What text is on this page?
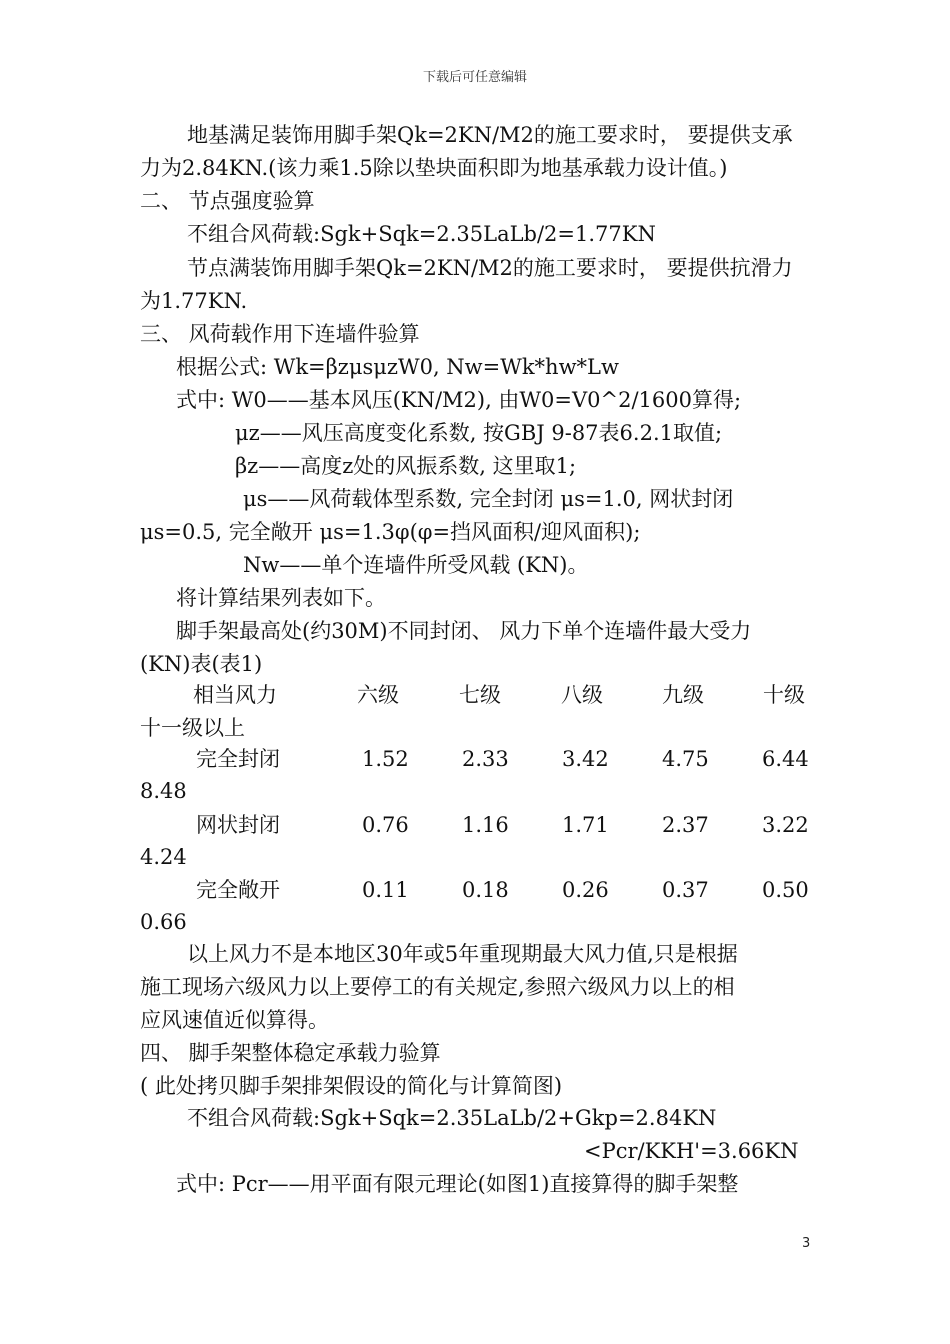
下载后可任意编辑
地基满足装饰用脚手架Qk=2KN/M2的施工要求时， 要提供支承
力为2.84KN.(该力乘1.5除以垫块面积即为地基承载力设计值。)
二、 节点强度验算
不组合风荷载:Sgk+Sqk=2.35LaLb/2=1.77KN
节点满装饰用脚手架Qk=2KN/M2的施工要求时， 要提供抗滑力
为1.77KN.
三、 风荷载作用下连墙件验算
根据公式: Wk=βzμsμzW0, Nw=Wk*hw*Lw
式中: W0——基本风压(KN/M2), 由W0=V0^2/1600算得;
μz——风压高度变化系数, 按GBJ 9-87表6.2.1取值;
βz——高度z处的风振系数, 这里取1;
μs——风荷载体型系数, 完全封闭 μs=1.0, 网状封闭
μs=0.5, 完全敞开 μs=1.3φ(φ=挡风面积/迎风面积);
Nw——单个连墙件所受风载 (KN)。
将计算结果列表如下。
脚手架最高处(约30M)不同封闭、 风力下单个连墙件最大受力
(KN)表(表1)
相当风力	六级	七级	八级	九级	十级
十一级以上
完全封闭	1.52	2.33	3.42	4.75	6.44
8.48
网状封闭	0.76	1.16	1.71	2.37	3.22
4.24
完全敞开	0.11	0.18	0.26	0.37	0.50
0.66
以上风力不是本地区30年或5年重现期最大风力值,只是根据
施工现场六级风力以上要停工的有关规定,参照六级风力以上的相
应风速值近似算得。
四、 脚手架整体稳定承载力验算
( 此处拷贝脚手架排架假设的简化与计算简图)
不组合风荷载:Sgk+Sqk=2.35LaLb/2+Gkp=2.84KN
<Pcr/KKH'=3.66KN
式中: Pcr——用平面有限元理论(如图1)直接算得的脚手架整
3
